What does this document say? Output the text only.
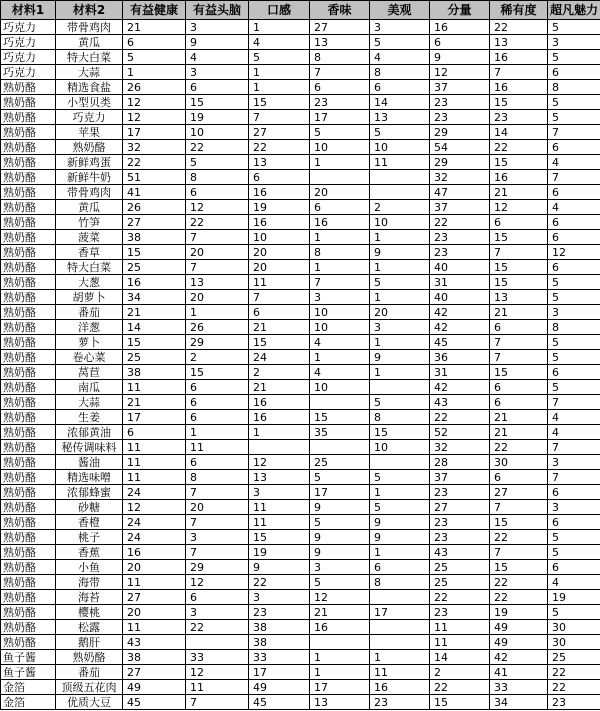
材料1	材料2	有益健康	有益头脑	口感	香味	美观	分量	稀有度	超凡魅力
巧克力	带骨鸡肉	21	3	1	27	3	16	22	5
巧克力	黄瓜	6	9	4	13	5	6	13	3
巧克力	特大白菜	5	4	5	8	4	9	16	5
巧克力	大蒜	1	3	1	7	8	12	7	6
熟奶酪	精选食盐	26	6	1	6	6	37	16	8
熟奶酪	小型贝类	12	15	15	23	14	23	15	5
熟奶酪	巧克力	12	19	7	17	13	23	23	5
熟奶酪	苹果	17	10	27	5	5	29	14	7
熟奶酪	熟奶酪	32	22	22	10	10	54	22	6
熟奶酪	新鲜鸡蛋	22	5	13	1	11	29	15	4
熟奶酪	新鲜牛奶	51	8	6			32	16	7
熟奶酪	带骨鸡肉	41	6	16	20		47	21	6
熟奶酪	黄瓜	26	12	19	6	2	37	12	4
熟奶酪	竹笋	27	22	16	16	10	22	6	6
熟奶酪	菠菜	38	7	10	1	1	23	15	6
熟奶酪	香草	15	20	20	8	9	23	7	12
熟奶酪	特大白菜	25	7	20	1	1	40	15	6
熟奶酪	大葱	16	13	11	7	5	31	15	5
熟奶酪	胡萝卜	34	20	7	3	1	40	13	5
熟奶酪	番茄	21	1	6	10	20	42	21	3
熟奶酪	洋葱	14	26	21	10	3	42	6	8
熟奶酪	萝卜	15	29	15	4	1	45	7	5
熟奶酪	卷心菜	25	2	24	1	9	36	7	5
熟奶酪	莴苣	38	15	2	4	1	31	15	6
熟奶酪	南瓜	11	6	21	10		42	6	5
熟奶酪	大蒜	21	6	16		5	43	6	7
熟奶酪	生姜	17	6	16	15	8	22	21	4
熟奶酪	浓郁黄油	6	1	1	35	15	52	21	4
熟奶酪	秘传调味料	11	11			10	32	22	7
熟奶酪	酱油	11	6	12	25		28	30	3
熟奶酪	精选味噌	11	8	13	5	5	37	6	7
熟奶酪	浓郁蜂蜜	24	7	3	17	1	23	27	6
熟奶酪	砂糖	12	20	11	9	5	27	7	3
熟奶酪	香橙	24	7	11	5	9	23	15	6
熟奶酪	桃子	24	3	15	9	9	23	22	5
熟奶酪	香蕉	16	7	19	9	1	43	7	5
熟奶酪	小鱼	20	29	9	3	6	25	15	6
熟奶酪	海带	11	12	22	5	8	25	22	4
熟奶酪	海苔	27	6	3	12		22	22	19
熟奶酪	樱桃	20	3	23	21	17	23	19	5
熟奶酪	松露	11	22	38	16		11	49	30
熟奶酪	鹅肝	43		38			11	49	30
鱼子酱	熟奶酪	38	33	33	1	1	14	42	25
鱼子酱	番茄	27	12	17	1	11	2	41	22
金箔	顶级五花肉	49	11	49	17	16	22	33	22
金箔	优质大豆	45	7	45	13	23	15	34	23
